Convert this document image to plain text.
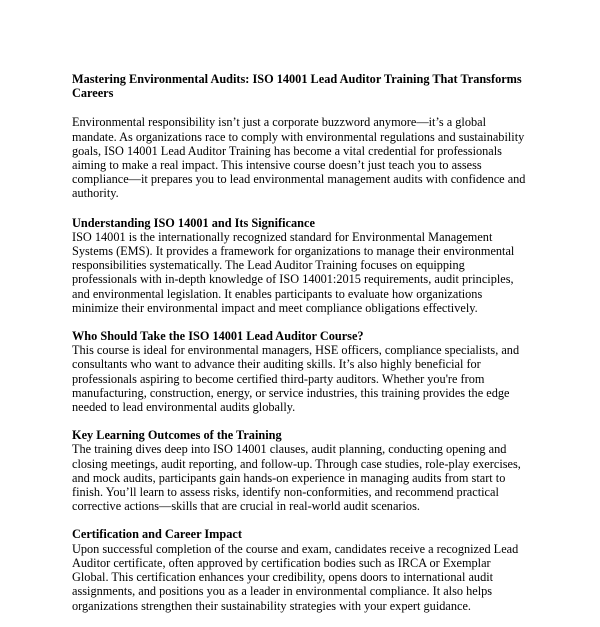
Mastering Environmental Audits: ISO 14001 Lead Auditor Training That Transforms Careers

Environmental responsibility isn’t just a corporate buzzword anymore—it’s a global mandate. As organizations race to comply with environmental regulations and sustainability goals, ISO 14001 Lead Auditor Training has become a vital credential for professionals aiming to make a real impact. This intensive course doesn’t just teach you to assess compliance—it prepares you to lead environmental management audits with confidence and authority.

Understanding ISO 14001 and Its Significance

ISO 14001 is the internationally recognized standard for Environmental Management Systems (EMS). It provides a framework for organizations to manage their environmental responsibilities systematically. The Lead Auditor Training focuses on equipping professionals with in-depth knowledge of ISO 14001:2015 requirements, audit principles, and environmental legislation. It enables participants to evaluate how organizations minimize their environmental impact and meet compliance obligations effectively.

Who Should Take the ISO 14001 Lead Auditor Course?

This course is ideal for environmental managers, HSE officers, compliance specialists, and consultants who want to advance their auditing skills. It’s also highly beneficial for professionals aspiring to become certified third-party auditors. Whether you're from manufacturing, construction, energy, or service industries, this training provides the edge needed to lead environmental audits globally.

Key Learning Outcomes of the Training

The training dives deep into ISO 14001 clauses, audit planning, conducting opening and closing meetings, audit reporting, and follow-up. Through case studies, role-play exercises, and mock audits, participants gain hands-on experience in managing audits from start to finish. You’ll learn to assess risks, identify non-conformities, and recommend practical corrective actions—skills that are crucial in real-world audit scenarios.

Certification and Career Impact

Upon successful completion of the course and exam, candidates receive a recognized Lead Auditor certificate, often approved by certification bodies such as IRCA or Exemplar Global. This certification enhances your credibility, opens doors to international audit assignments, and positions you as a leader in environmental compliance. It also helps organizations strengthen their sustainability strategies with your expert guidance.
